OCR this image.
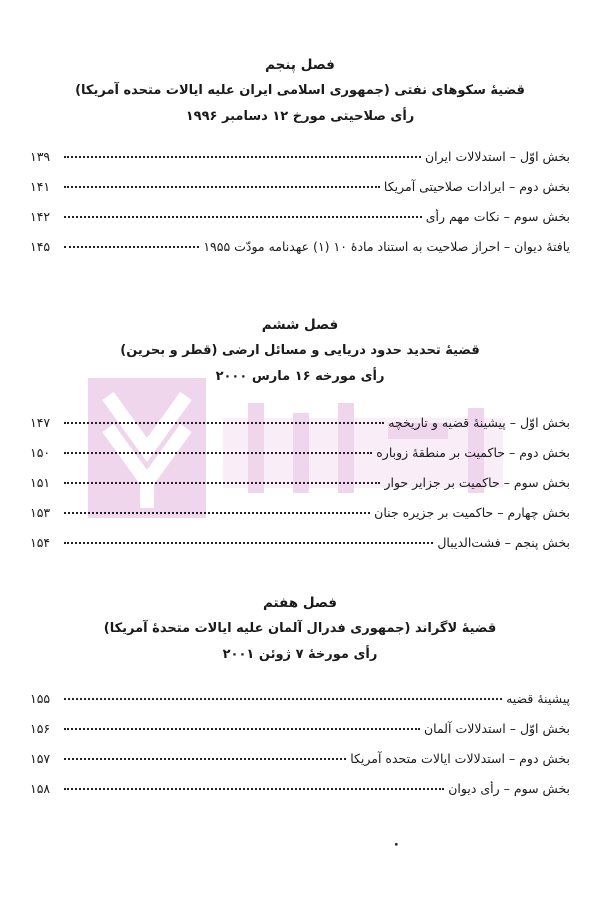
فصل پنجم

قضیهٔ سکوهای نفتی (جمهوری اسلامی ایران علیه ایالات متحده آمریکا)

رأی صلاحیتی مورخ ۱۲ دسامبر ۱۹۹۶

بخش اوّل – استدلالات ایران
۱۳۹
بخش دوم – ایرادات صلاحیتی آمریکا
۱۴۱
بخش سوم – نکات مهم رأی
۱۴۲
یافتهٔ دیوان – احراز صلاحیت به استناد مادهٔ ۱۰ (۱) عهدنامه مودّت ۱۹۵۵
۱۴۵

فصل ششم

قضیهٔ تحدید حدود دریایی و مسائل ارضی (قطر و بحرین)

رأی مورخه ۱۶ مارس ۲۰۰۰

بخش اوّل – پیشینهٔ قضیه و تاریخچه
۱۴۷
بخش دوم – حاکمیت بر منطقهٔ زوباره
۱۵۰
بخش سوم – حاکمیت بر جزایر حوار
۱۵۱
بخش چهارم – حاکمیت بر جزیره جنان
۱۵۳
بخش پنجم – فشت‌الدیبال
۱۵۴

فصل هفتم

قضیهٔ لاگراند (جمهوری فدرال آلمان علیه ایالات متحدهٔ آمریکا)

رأی مورخهٔ ۷ ژوئن ۲۰۰۱

پیشینهٔ قضیه
۱۵۵
بخش اوّل – استدلالات آلمان
۱۵۶
بخش دوم – استدلالات ایالات متحده آمریکا
۱۵۷
بخش سوم – رأی دیوان
۱۵۸
٠
